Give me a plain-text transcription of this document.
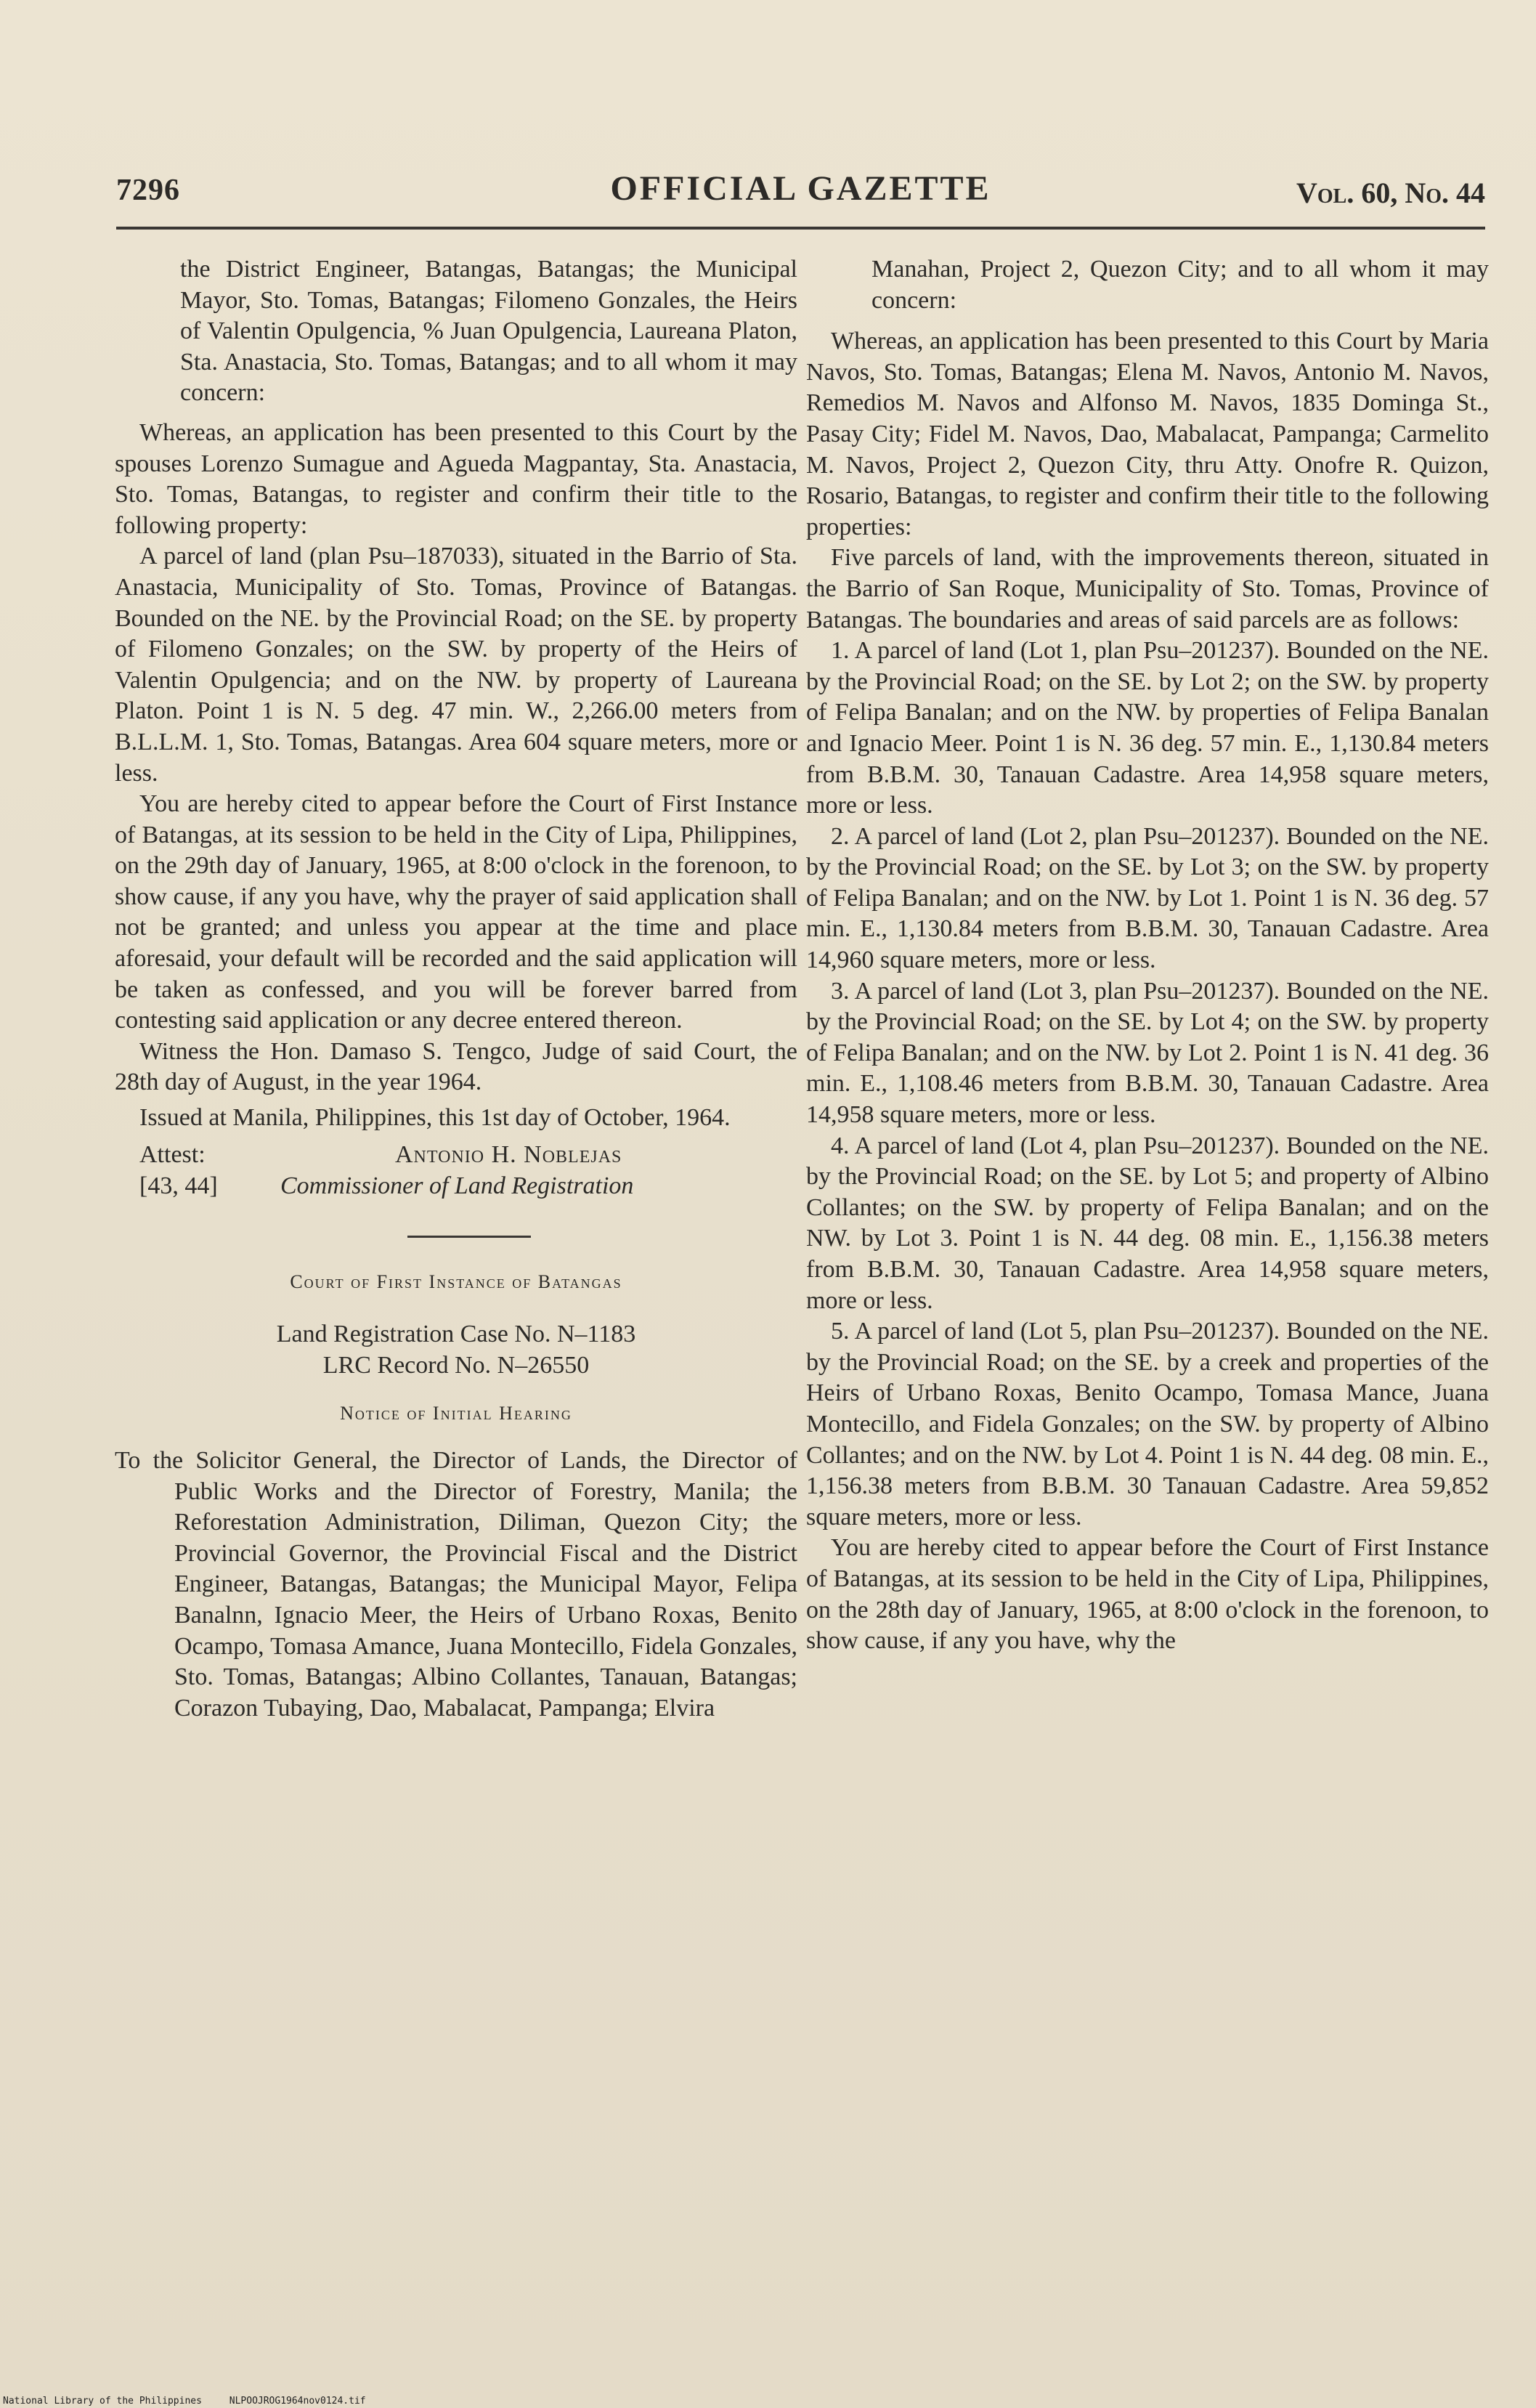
7296	OFFICIAL GAZETTE	Vol. 60, No. 44

the District Engineer, Batangas, Batangas; the Municipal Mayor, Sto. Tomas, Batangas; Filomeno Gonzales, the Heirs of Valentin Opulgencia, % Juan Opulgencia, Laureana Platon, Sta. Anastacia, Sto. Tomas, Batangas; and to all whom it may concern:

Whereas, an application has been presented to this Court by the spouses Lorenzo Sumague and Agueda Magpantay, Sta. Anastacia, Sto. Tomas, Batangas, to register and confirm their title to the following property:

A parcel of land (plan Psu–187033), situated in the Barrio of Sta. Anastacia, Municipality of Sto. Tomas, Province of Batangas. Bounded on the NE. by the Provincial Road; on the SE. by property of Filomeno Gonzales; on the SW. by property of the Heirs of Valentin Opulgencia; and on the NW. by property of Laureana Platon. Point 1 is N. 5 deg. 47 min. W., 2,266.00 meters from B.L.L.M. 1, Sto. Tomas, Batangas. Area 604 square meters, more or less.

You are hereby cited to appear before the Court of First Instance of Batangas, at its session to be held in the City of Lipa, Philippines, on the 29th day of January, 1965, at 8:00 o'clock in the forenoon, to show cause, if any you have, why the prayer of said application shall not be granted; and unless you appear at the time and place aforesaid, your default will be recorded and the said application will be taken as confessed, and you will be forever barred from contesting said application or any decree entered thereon.

Witness the Hon. Damaso S. Tengco, Judge of said Court, the 28th day of August, in the year 1964.

Issued at Manila, Philippines, this 1st day of October, 1964.

Attest:	Antonio H. Noblejas
[43, 44]	Commissioner of Land Registration
Court of First Instance of Batangas
Land Registration Case No. N–1183
LRC Record No. N–26550
Notice of Initial Hearing

To the Solicitor General, the Director of Lands, the Director of Public Works and the Director of Forestry, Manila; the Reforestation Administration, Diliman, Quezon City; the Provincial Governor, the Provincial Fiscal and the District Engineer, Batangas, Batangas; the Municipal Mayor, Felipa Banalnn, Ignacio Meer, the Heirs of Urbano Roxas, Benito Ocampo, Tomasa Amance, Juana Montecillo, Fidela Gonzales, Sto. Tomas, Batangas; Albino Collantes, Tanauan, Batangas; Corazon Tubaying, Dao, Mabalacat, Pampanga; Elvira

Manahan, Project 2, Quezon City; and to all whom it may concern:

Whereas, an application has been presented to this Court by Maria Navos, Sto. Tomas, Batangas; Elena M. Navos, Antonio M. Navos, Remedios M. Navos and Alfonso M. Navos, 1835 Dominga St., Pasay City; Fidel M. Navos, Dao, Mabalacat, Pampanga; Carmelito M. Navos, Project 2, Quezon City, thru Atty. Onofre R. Quizon, Rosario, Batangas, to register and confirm their title to the following properties:

Five parcels of land, with the improvements thereon, situated in the Barrio of San Roque, Municipality of Sto. Tomas, Province of Batangas. The boundaries and areas of said parcels are as follows:

1. A parcel of land (Lot 1, plan Psu–201237). Bounded on the NE. by the Provincial Road; on the SE. by Lot 2; on the SW. by property of Felipa Banalan; and on the NW. by properties of Felipa Banalan and Ignacio Meer. Point 1 is N. 36 deg. 57 min. E., 1,130.84 meters from B.B.M. 30, Tanauan Cadastre. Area 14,958 square meters, more or less.

2. A parcel of land (Lot 2, plan Psu–201237). Bounded on the NE. by the Provincial Road; on the SE. by Lot 3; on the SW. by property of Felipa Banalan; and on the NW. by Lot 1. Point 1 is N. 36 deg. 57 min. E., 1,130.84 meters from B.B.M. 30, Tanauan Cadastre. Area 14,960 square meters, more or less.

3. A parcel of land (Lot 3, plan Psu–201237). Bounded on the NE. by the Provincial Road; on the SE. by Lot 4; on the SW. by property of Felipa Banalan; and on the NW. by Lot 2. Point 1 is N. 41 deg. 36 min. E., 1,108.46 meters from B.B.M. 30, Tanauan Cadastre. Area 14,958 square meters, more or less.

4. A parcel of land (Lot 4, plan Psu–201237). Bounded on the NE. by the Provincial Road; on the SE. by Lot 5; and property of Albino Collantes; on the SW. by property of Felipa Banalan; and on the NW. by Lot 3. Point 1 is N. 44 deg. 08 min. E., 1,156.38 meters from B.B.M. 30, Tanauan Cadastre. Area 14,958 square meters, more or less.

5. A parcel of land (Lot 5, plan Psu–201237). Bounded on the NE. by the Provincial Road; on the SE. by a creek and properties of the Heirs of Urbano Roxas, Benito Ocampo, Tomasa Mance, Juana Montecillo, and Fidela Gonzales; on the SW. by property of Albino Collantes; and on the NW. by Lot 4. Point 1 is N. 44 deg. 08 min. E., 1,156.38 meters from B.B.M. 30 Tanauan Cadastre. Area 59,852 square meters, more or less.

You are hereby cited to appear before the Court of First Instance of Batangas, at its session to be held in the City of Lipa, Philippines, on the 28th day of January, 1965, at 8:00 o'clock in the forenoon, to show cause, if any you have, why the

National Library of the Philippines	NLPOOJROG1964nov0124.tif
